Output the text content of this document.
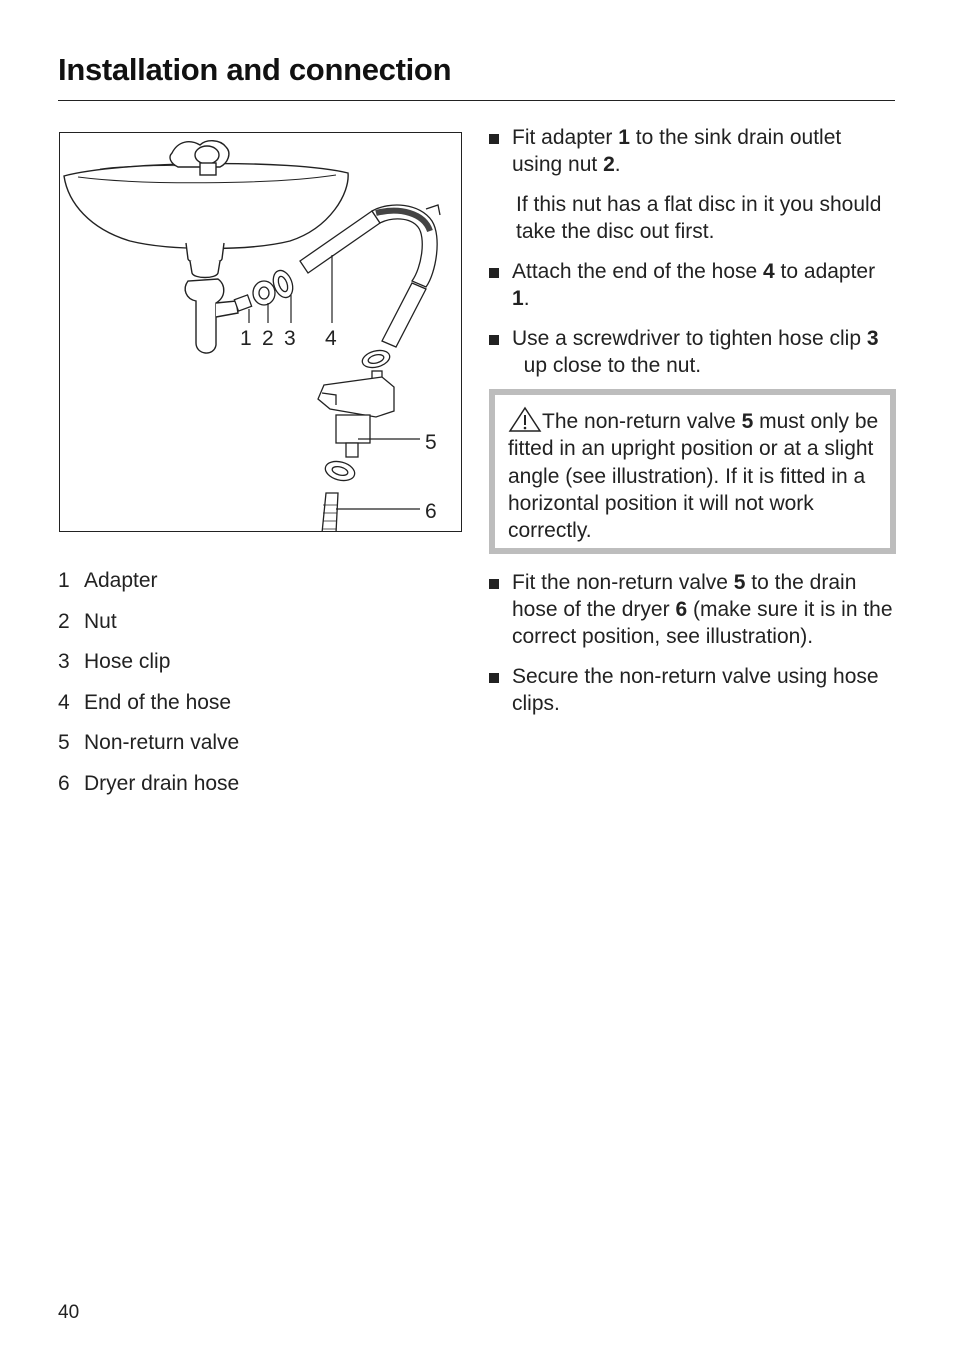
Installation and connection
1 2 3 4
5
6
1 Adapter
2 Nut
3 Hose clip
4 End of the hose
5 Non-return valve
6 Dryer drain hose
Fit adapter 1 to the sink drain outlet using nut 2.
If this nut has a flat disc in it you should take the disc out first.
Attach the end of the hose 4 to adapter 1.
Use a screwdriver to tighten hose clip 3  up close to the nut.
The non-return valve 5 must only be fitted in an upright position or at a slight angle (see illustration). If it is fitted in a horizontal position it will not work correctly.
Fit the non-return valve 5 to the drain hose of the dryer 6 (make sure it is in the correct position, see illustration).
Secure the non-return valve using hose clips.
40
